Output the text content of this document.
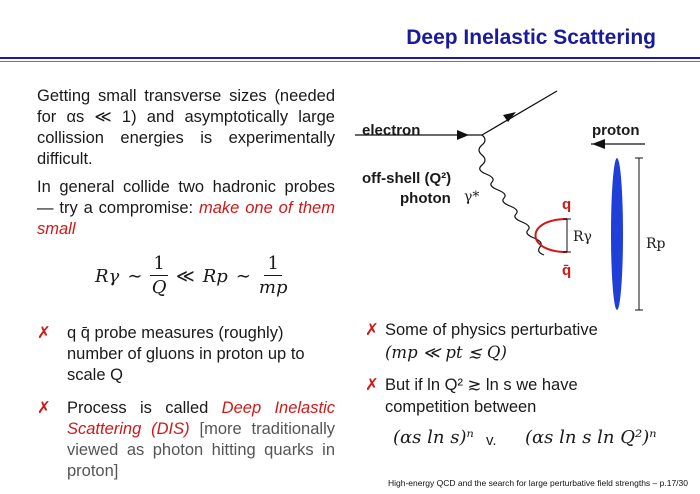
Deep Inelastic Scattering
Getting small transverse sizes (needed for αs ≪ 1) and asymptotically large collission energies is experimentally difficult.
In general collide two hadronic probes — try a compromise: make one of them small
Rγ ∼ $\frac{1}{Q}$ ≪ Rp ∼ $\frac{1}{mp}$
✗ q q̄ probe measures (roughly) number of gluons in proton up to scale Q
✗ Process is called Deep Inelastic Scattering (DIS) [more traditionally viewed as photon hitting quarks in proton]
electron	proton
off-shell (Q²)
photon γ*	q
q̄
Rγ	Rp
✗ Some of physics perturbative
(mp ≪ pt ≲ Q)
✗ But if ln Q² ≳ ln s we have
competition between
(αs ln s)ⁿ v. (αs ln s ln Q²)ⁿ
High-energy QCD and the search for large perturbative field strengths – p.17/30
